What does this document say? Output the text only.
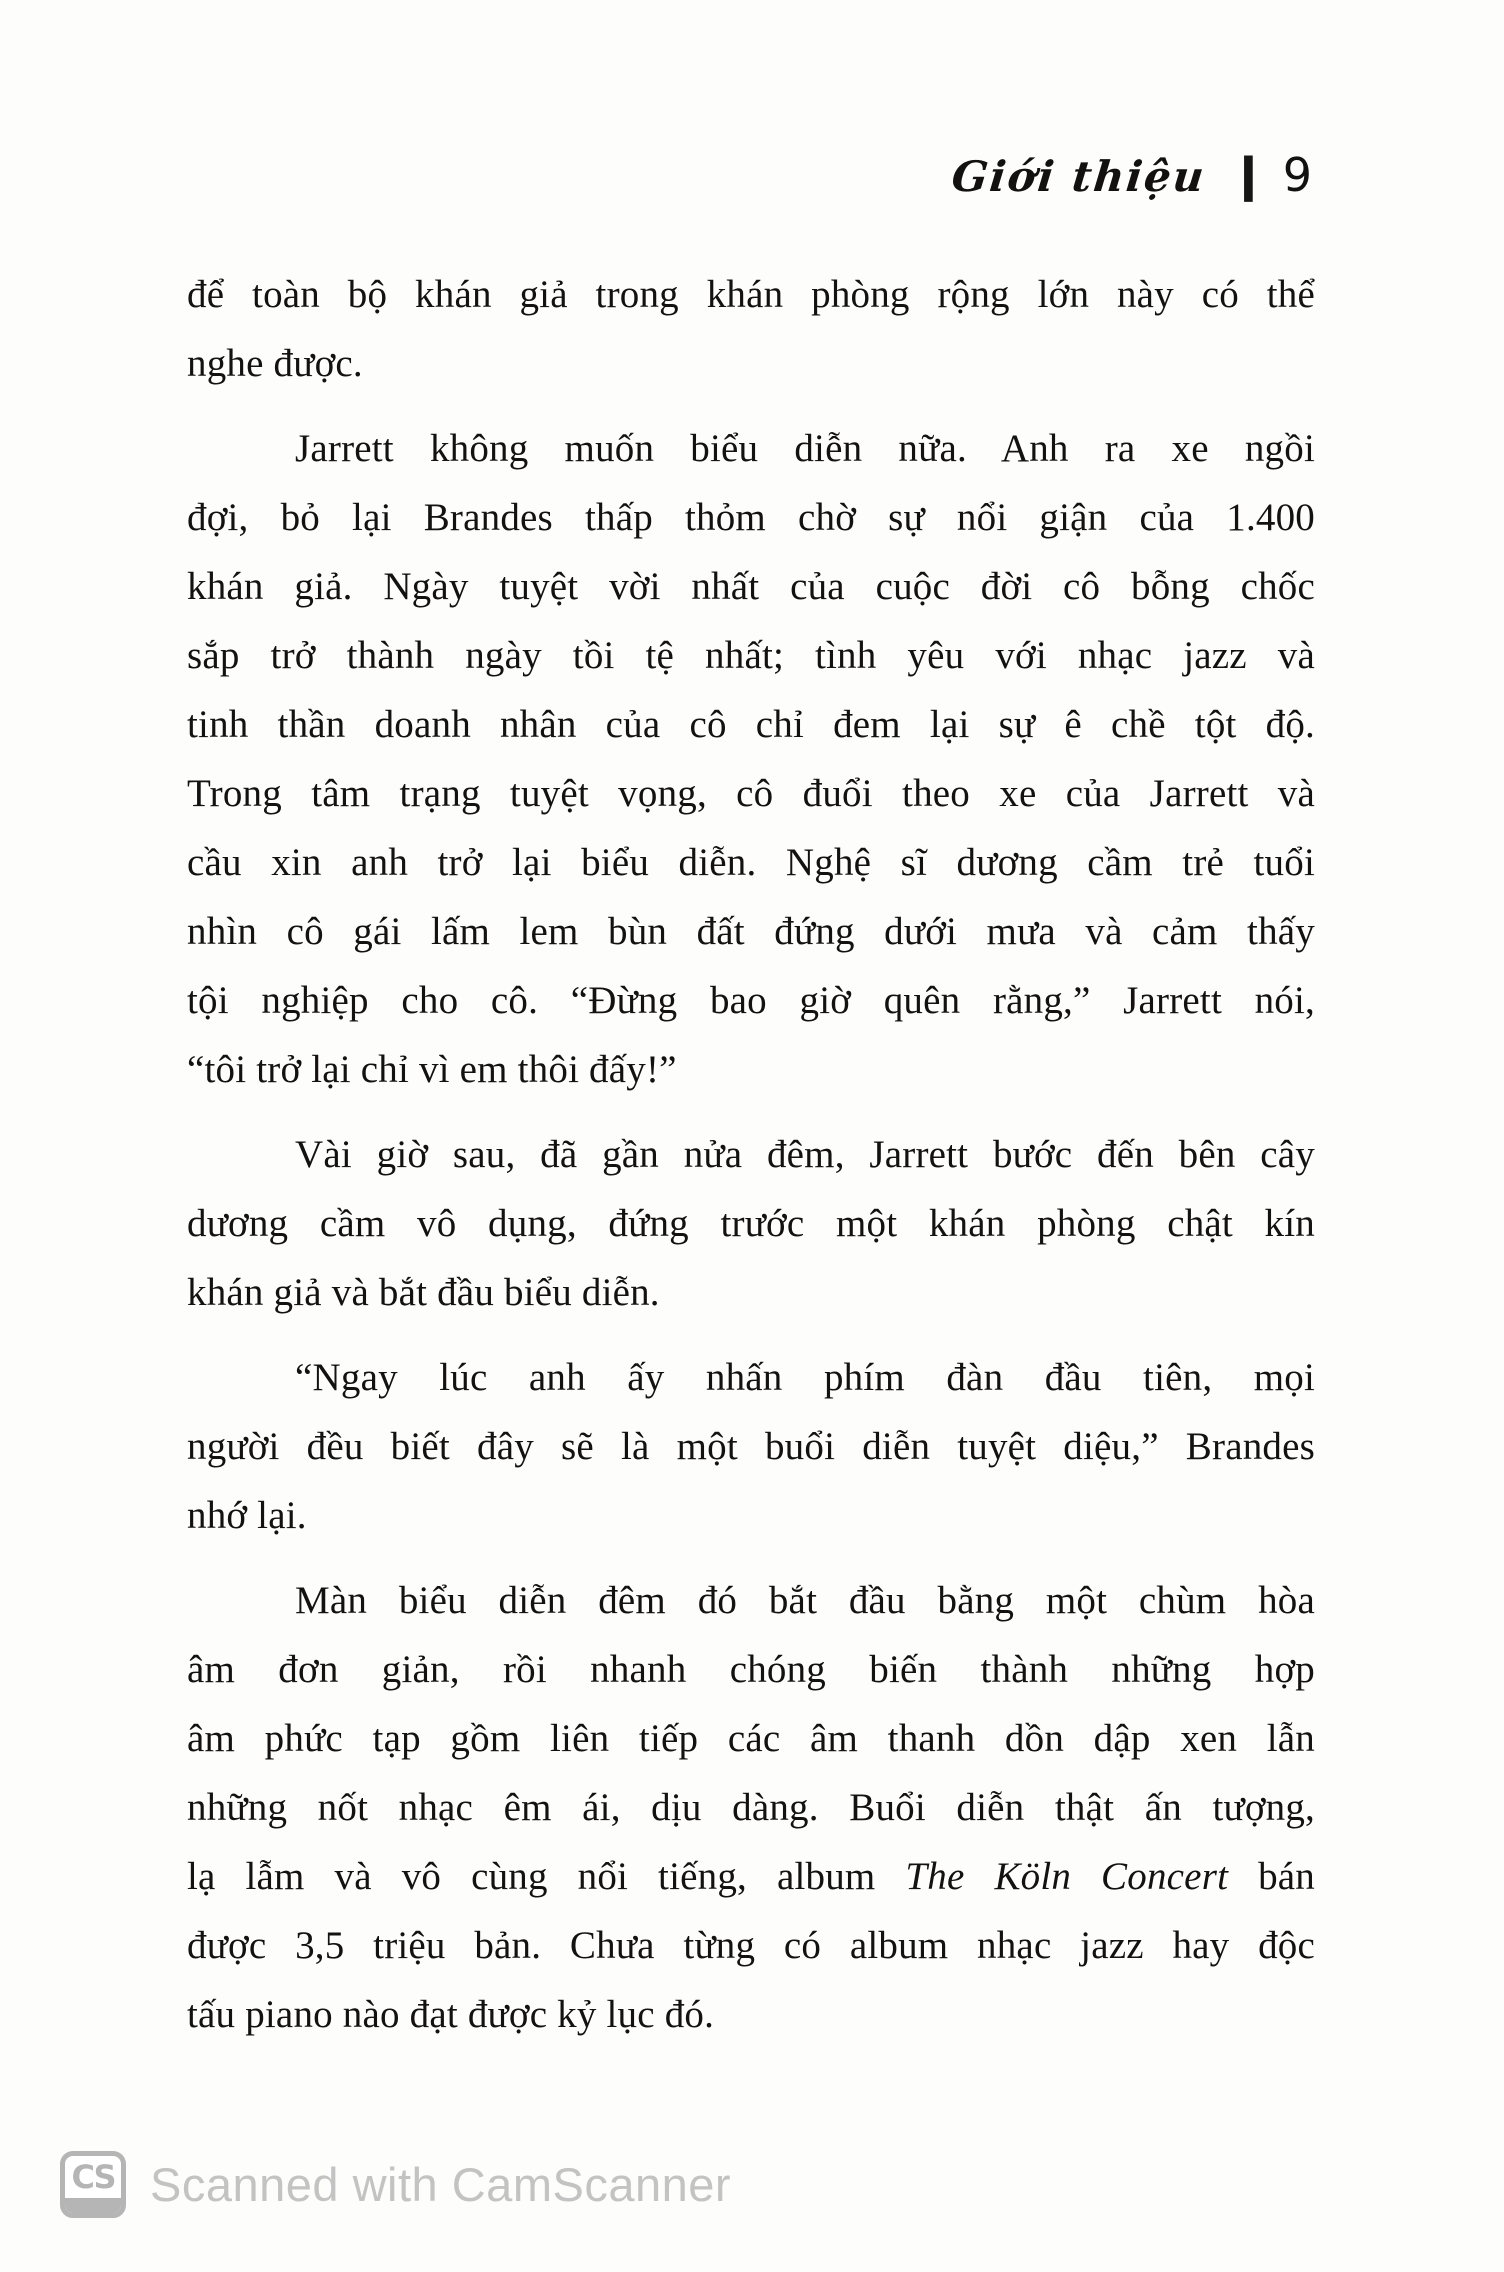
Giới thiệu | 9
để toàn bộ khán giả trong khán phòng rộng lớn này có thể
nghe được.
Jarrett không muốn biểu diễn nữa. Anh ra xe ngồi
đợi, bỏ lại Brandes thấp thỏm chờ sự nổi giận của 1.400
khán giả. Ngày tuyệt vời nhất của cuộc đời cô bỗng chốc
sắp trở thành ngày tồi tệ nhất; tình yêu với nhạc jazz và
tinh thần doanh nhân của cô chỉ đem lại sự ê chề tột độ.
Trong tâm trạng tuyệt vọng, cô đuổi theo xe của Jarrett và
cầu xin anh trở lại biểu diễn. Nghệ sĩ dương cầm trẻ tuổi
nhìn cô gái lấm lem bùn đất đứng dưới mưa và cảm thấy
tội nghiệp cho cô. “Đừng bao giờ quên rằng,” Jarrett nói,
“tôi trở lại chỉ vì em thôi đấy!”
Vài giờ sau, đã gần nửa đêm, Jarrett bước đến bên cây
dương cầm vô dụng, đứng trước một khán phòng chật kín
khán giả và bắt đầu biểu diễn.
“Ngay lúc anh ấy nhấn phím đàn đầu tiên, mọi
người đều biết đây sẽ là một buổi diễn tuyệt diệu,” Brandes
nhớ lại.
Màn biểu diễn đêm đó bắt đầu bằng một chùm hòa
âm đơn giản, rồi nhanh chóng biến thành những hợp
âm phức tạp gồm liên tiếp các âm thanh dồn dập xen lẫn
những nốt nhạc êm ái, dịu dàng. Buổi diễn thật ấn tượng,
lạ lẫm và vô cùng nổi tiếng, album The Köln Concert bán
được 3,5 triệu bản. Chưa từng có album nhạc jazz hay độc
tấu piano nào đạt được kỷ lục đó.
CS Scanned with CamScanner
